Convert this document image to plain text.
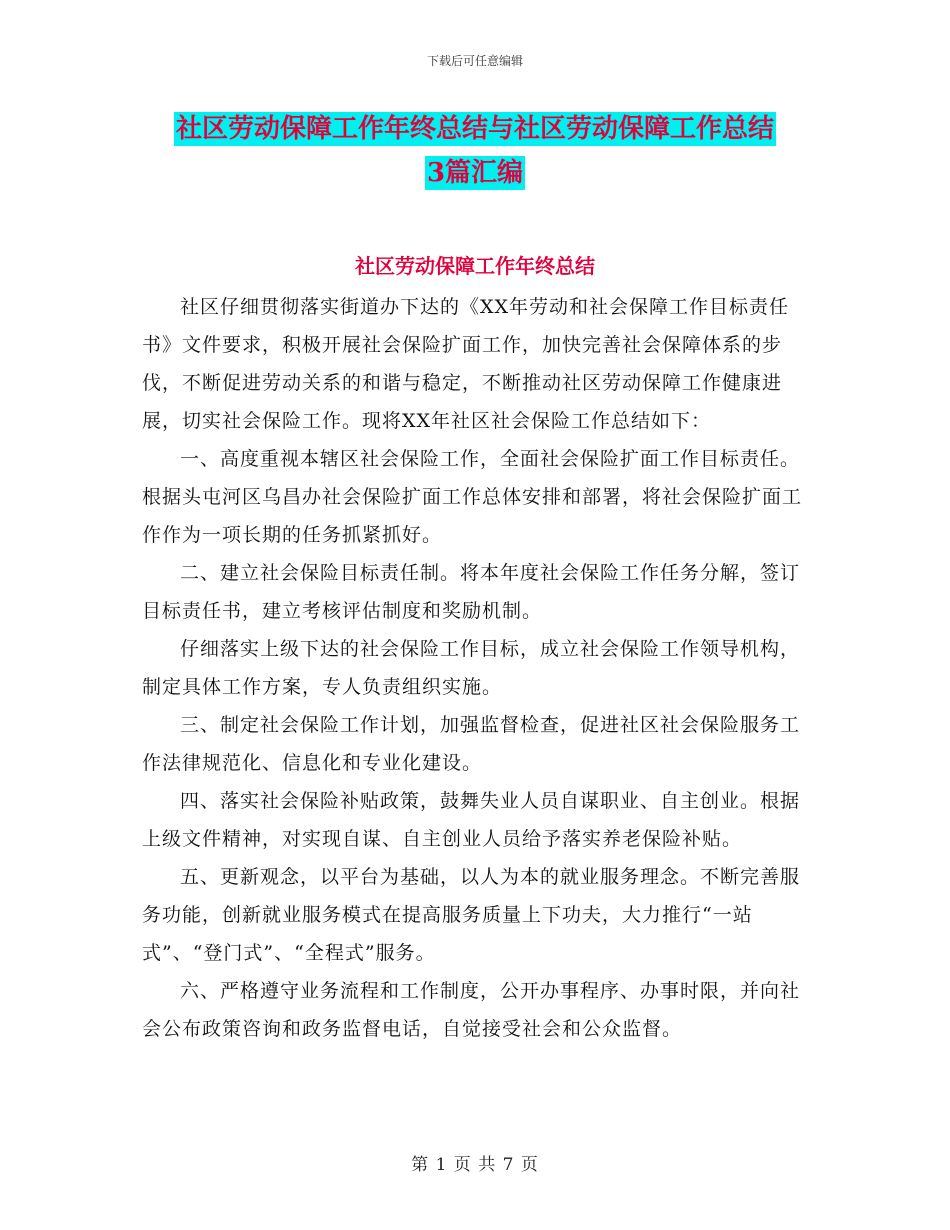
下载后可任意编辑
社区劳动保障工作年终总结与社区劳动保障工作总结
3篇汇编
社区劳动保障工作年终总结

社区仔细贯彻落实街道办下达的《XX年劳动和社会保障工作目标责任书》文件要求，积极开展社会保险扩面工作，加快完善社会保障体系的步伐，不断促进劳动关系的和谐与稳定，不断推动社区劳动保障工作健康进展，切实社会保险工作。现将XX年社区社会保险工作总结如下：

一、高度重视本辖区社会保险工作，全面社会保险扩面工作目标责任。根据头屯河区乌昌办社会保险扩面工作总体安排和部署，将社会保险扩面工作作为一项长期的任务抓紧抓好。

二、建立社会保险目标责任制。将本年度社会保险工作任务分解，签订目标责任书，建立考核评估制度和奖励机制。

仔细落实上级下达的社会保险工作目标，成立社会保险工作领导机构，制定具体工作方案，专人负责组织实施。

三、制定社会保险工作计划，加强监督检查，促进社区社会保险服务工作法律规范化、信息化和专业化建设。

四、落实社会保险补贴政策，鼓舞失业人员自谋职业、自主创业。根据上级文件精神，对实现自谋、自主创业人员给予落实养老保险补贴。

五、更新观念，以平台为基础，以人为本的就业服务理念。不断完善服务功能，创新就业服务模式在提高服务质量上下功夫，大力推行“一站式”、“登门式”、“全程式”服务。

六、严格遵守业务流程和工作制度，公开办事程序、办事时限，并向社会公布政策咨询和政务监督电话，自觉接受社会和公众监督。

第 1 页 共 7 页
